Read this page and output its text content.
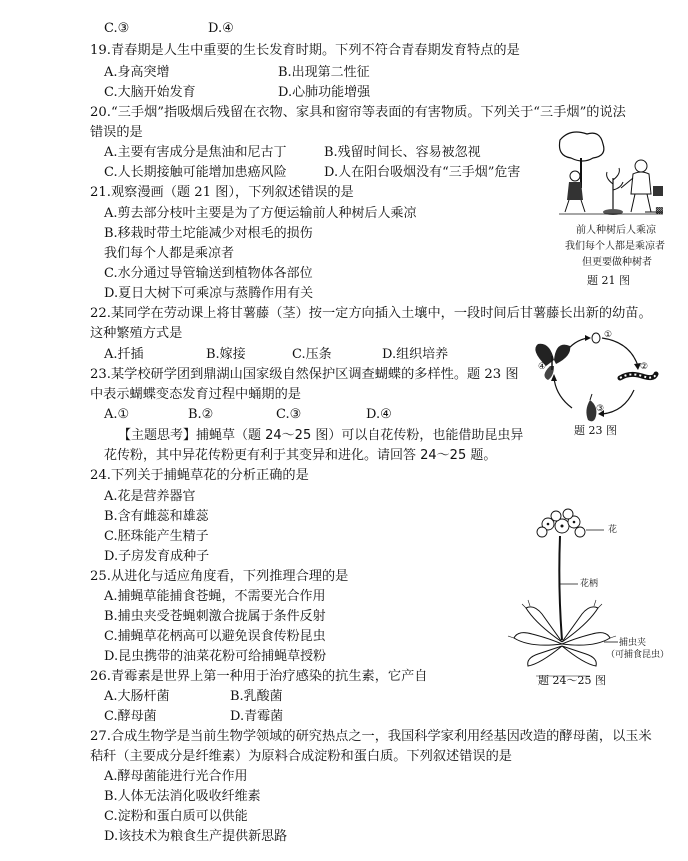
C.③	D.④
19.青春期是人生中重要的生长发育时期。下列不符合青春期发育特点的是
A.身高突增	B.出现第二性征
C.大脑开始发育	D.心肺功能增强
20.“三手烟”指吸烟后残留在衣物、家具和窗帘等表面的有害物质。下列关于“三手烟”的说法
错误的是
A.主要有害成分是焦油和尼古丁	B.残留时间长、容易被忽视
C.人长期接触可能增加患癌风险	D.人在阳台吸烟没有“三手烟”危害
21.观察漫画（题 21 图），下列叙述错误的是
A.剪去部分枝叶主要是为了方便运输前人种树后人乘凉
B.移栽时带土坨能减少对根毛的损伤
我们每个人都是乘凉者
C.水分通过导管输送到植物体各部位
D.夏日大树下可乘凉与蒸腾作用有关
▩
前人种树后人乘凉
我们每个人都是乘凉者
但更要做种树者
题 21 图
22.某同学在劳动课上将甘薯藤（茎）按一定方向插入土壤中，一段时间后甘薯藤长出新的幼苗。
这种繁殖方式是
A.扦插	B.嫁接	C.压条	D.组织培养
23.某学校研学团到鼎湖山国家级自然保护区调查蝴蝶的多样性。题 23 图
中表示蝴蝶变态发育过程中蛹期的是
A.①	B.②	C.③	D.④
①
②
③
④
题 23 图
【主题思考】捕蝇草（题 24～25 图）可以自花传粉，也能借助昆虫异
花传粉，其中异花传粉更有利于其变异和进化。请回答 24～25 题。
24.下列关于捕蝇草花的分析正确的是
A.花是营养器官
B.含有雌蕊和雄蕊
C.胚珠能产生精子
D.子房发育成种子
25.从进化与适应角度看，下列推理合理的是
A.捕蝇草能捕食苍蝇，不需要光合作用
B.捕虫夹受苍蝇刺激合拢属于条件反射
C.捕蝇草花柄高可以避免误食传粉昆虫
D.昆虫携带的油菜花粉可给捕蝇草授粉
花
花柄
捕虫夹
（可捕食昆虫）
题 24～25 图
26.青霉素是世界上第一种用于治疗感染的抗生素，它产自
A.大肠杆菌	B.乳酸菌
C.酵母菌	D.青霉菌
27.合成生物学是当前生物学领域的研究热点之一，我国科学家利用经基因改造的酵母菌，以玉米
秸秆（主要成分是纤维素）为原料合成淀粉和蛋白质。下列叙述错误的是
A.酵母菌能进行光合作用
B.人体无法消化吸收纤维素
C.淀粉和蛋白质可以供能
D.该技术为粮食生产提供新思路
